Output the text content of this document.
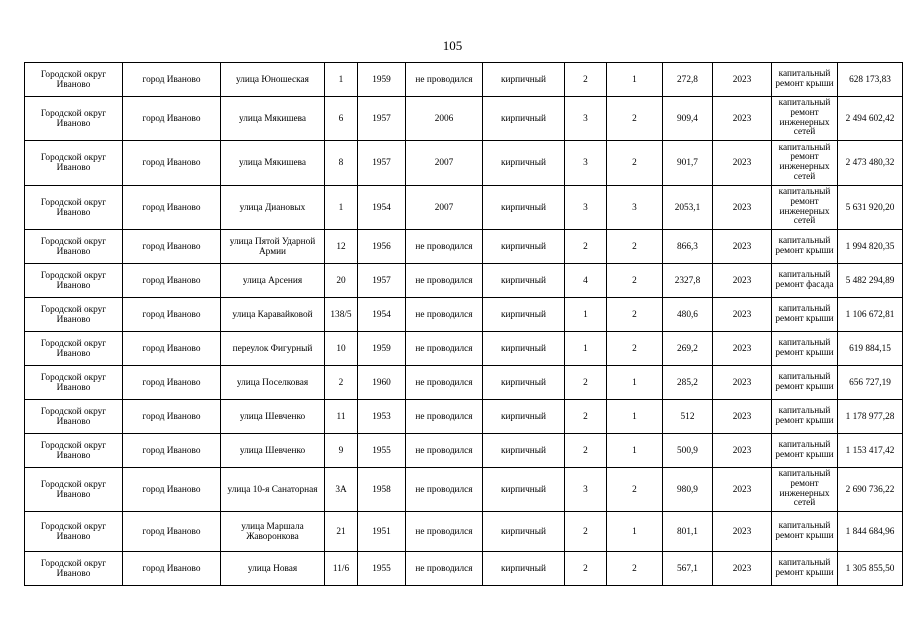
105
Городской округ Иваново	город Иваново	улица Юношеская	1	1959	не проводился	кирпичный	2	1	272,8	2023	капитальный ремонт крыши	628 173,83
Городской округ Иваново	город Иваново	улица Мякишева	6	1957	2006	кирпичный	3	2	909,4	2023	капитальный ремонт инженерных сетей	2 494 602,42
Городской округ Иваново	город Иваново	улица Мякишева	8	1957	2007	кирпичный	3	2	901,7	2023	капитальный ремонт инженерных сетей	2 473 480,32
Городской округ Иваново	город Иваново	улица Диановых	1	1954	2007	кирпичный	3	3	2053,1	2023	капитальный ремонт инженерных сетей	5 631 920,20
Городской округ Иваново	город Иваново	улица Пятой Ударной Армии	12	1956	не проводился	кирпичный	2	2	866,3	2023	капитальный ремонт крыши	1 994 820,35
Городской округ Иваново	город Иваново	улица Арсения	20	1957	не проводился	кирпичный	4	2	2327,8	2023	капитальный ремонт фасада	5 482 294,89
Городской округ Иваново	город Иваново	улица Каравайковой	138/5	1954	не проводился	кирпичный	1	2	480,6	2023	капитальный ремонт крыши	1 106 672,81
Городской округ Иваново	город Иваново	переулок Фигурный	10	1959	не проводился	кирпичный	1	2	269,2	2023	капитальный ремонт крыши	619 884,15
Городской округ Иваново	город Иваново	улица Поселковая	2	1960	не проводился	кирпичный	2	1	285,2	2023	капитальный ремонт крыши	656 727,19
Городской округ Иваново	город Иваново	улица Шевченко	11	1953	не проводился	кирпичный	2	1	512	2023	капитальный ремонт крыши	1 178 977,28
Городской округ Иваново	город Иваново	улица Шевченко	9	1955	не проводился	кирпичный	2	1	500,9	2023	капитальный ремонт крыши	1 153 417,42
Городской округ Иваново	город Иваново	улица 10-я Санаторная	3А	1958	не проводился	кирпичный	3	2	980,9	2023	капитальный ремонт инженерных сетей	2 690 736,22
Городской округ Иваново	город Иваново	улица Маршала Жаворонкова	21	1951	не проводился	кирпичный	2	1	801,1	2023	капитальный ремонт крыши	1 844 684,96
Городской округ Иваново	город Иваново	улица Новая	11/6	1955	не проводился	кирпичный	2	2	567,1	2023	капитальный ремонт крыши	1 305 855,50
